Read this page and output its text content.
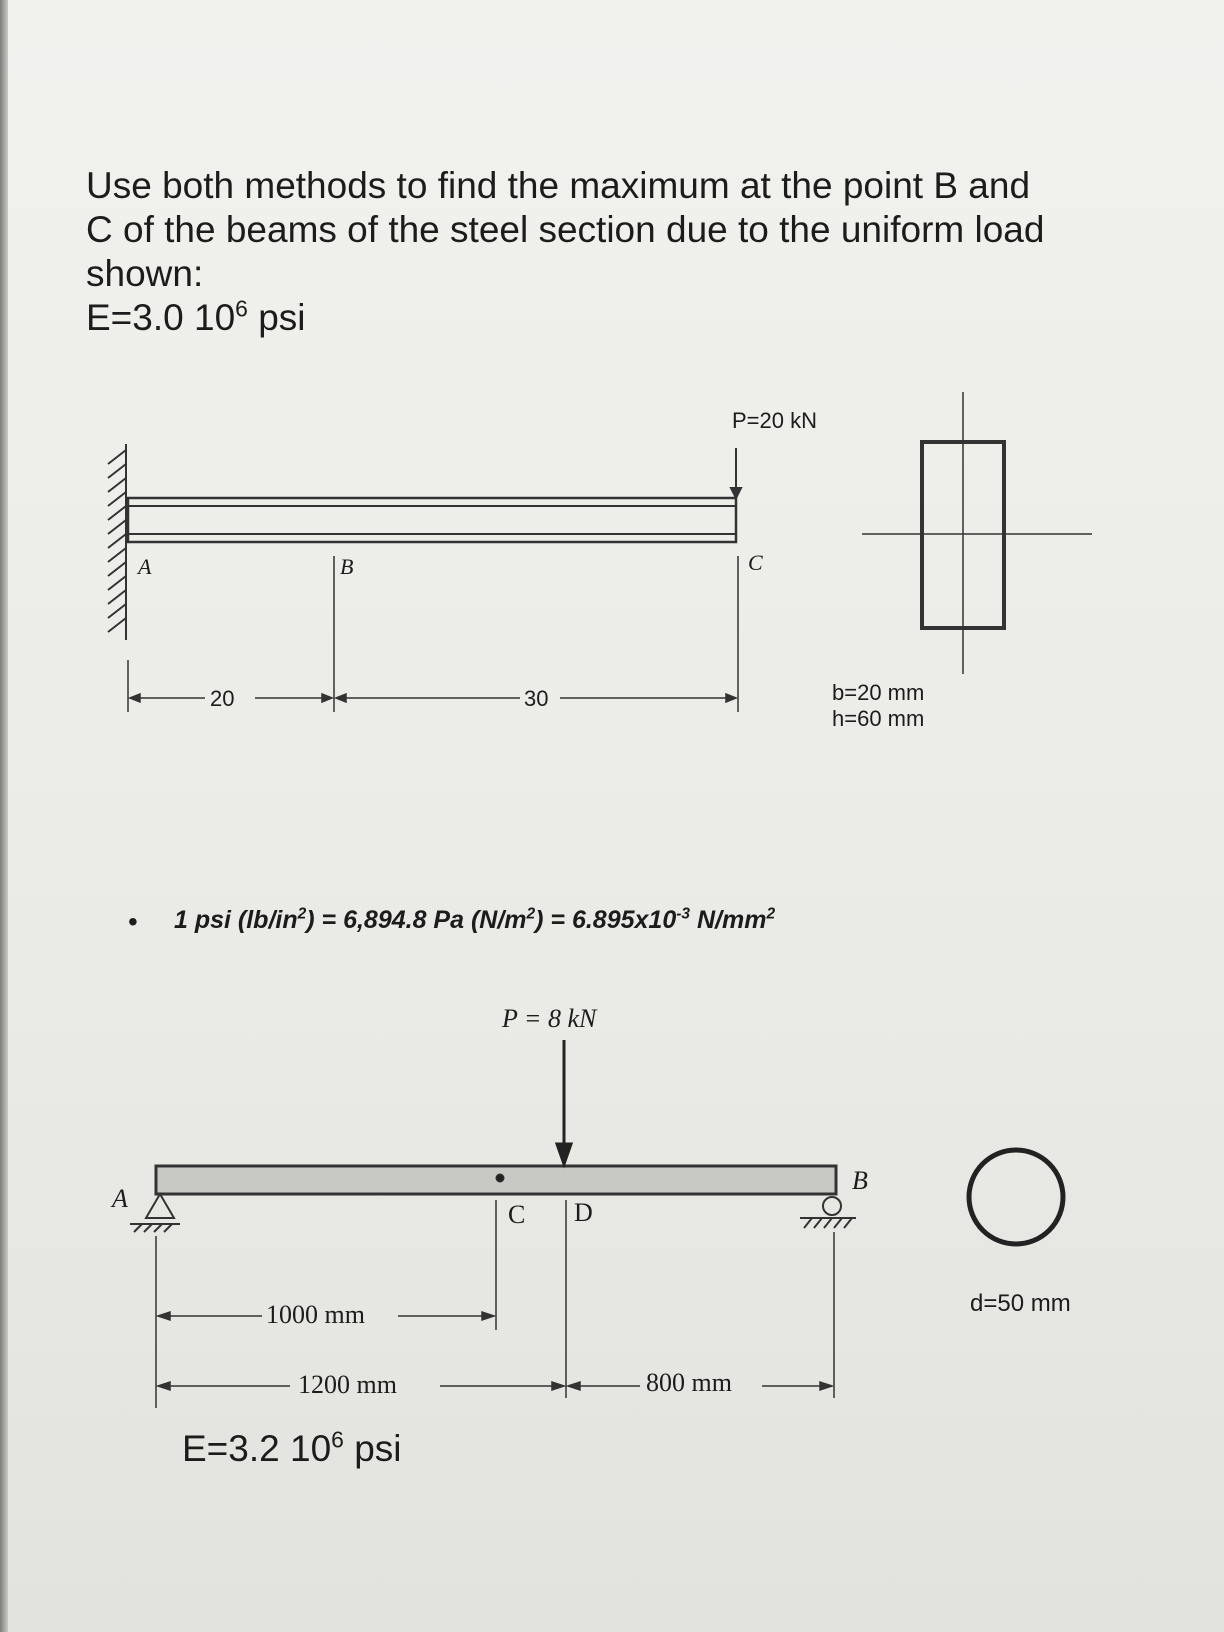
Use both methods to find the maximum at the point B and
C of the beams of the steel section due to the uniform load
shown:
E=3.0 $10^6$ psi
P=20 kN
A	B	C
20	30	b=20 mm
h=60 mm
• 1 psi $(lb/in^2) = 6,894.8$ Pa $(N/m^2) = 6.895x10^{-3}$ $N/mm^2$
P = 8 kN
A
B
C D
1000 mm
1200 mm	800 mm
d=50 mm
E=3.2 $10^6$ psi
